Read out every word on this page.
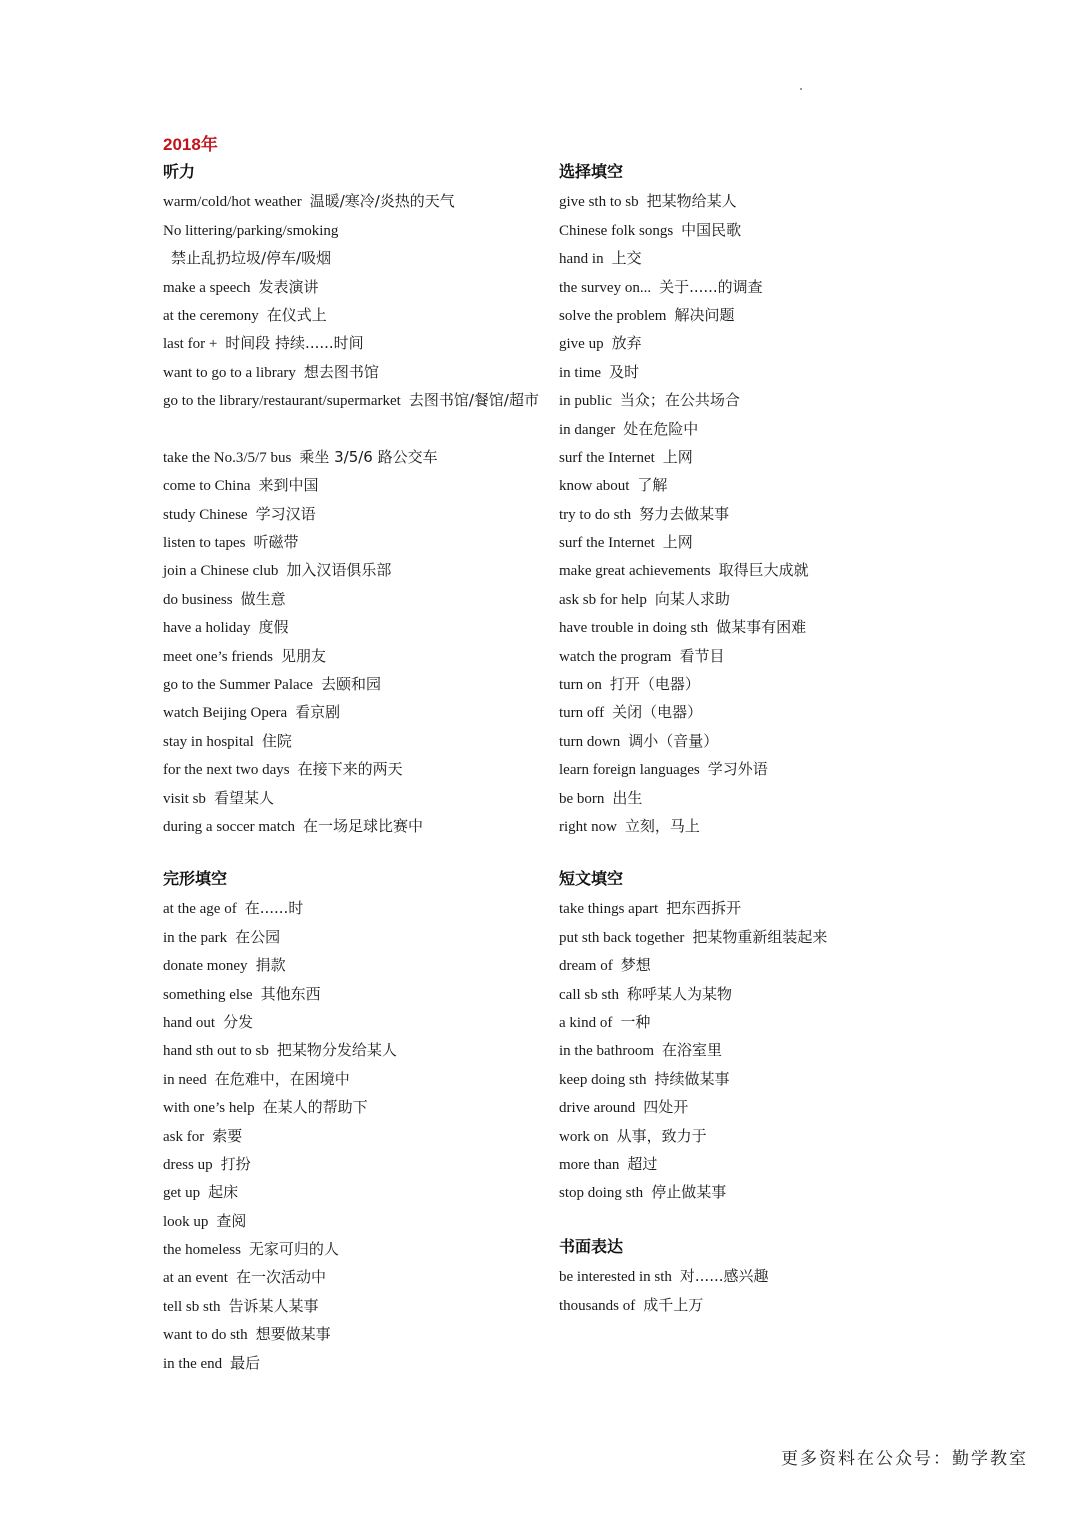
2018年
听力
warm/cold/hot weather 温暖/寒冷/炎热的天气
No littering/parking/smoking
禁止乱扔垃圾/停车/吸烟
make a speech 发表演讲
at the ceremony 在仪式上
last for + 时间段 持续......时间
want to go to a library 想去图书馆
go to the library/restaurant/supermarket 去图书馆/餐馆/超市
take the No.3/5/7 bus 乘坐 3/5/6 路公交车
come to China 来到中国
study Chinese 学习汉语
listen to tapes 听磁带
join a Chinese club 加入汉语俱乐部
do business 做生意
have a holiday 度假
meet one’s friends 见朋友
go to the Summer Palace 去颐和园
watch Beijing Opera 看京剧
stay in hospital 住院
for the next two days 在接下来的两天
visit sb 看望某人
during a soccer match 在一场足球比赛中
选择填空
give sth to sb 把某物给某人
Chinese folk songs 中国民歌
hand in 上交
the survey on... 关于......的调查
solve the problem 解决问题
give up 放弃
in time 及时
in public 当众；在公共场合
in danger 处在危险中
surf the Internet 上网
know about 了解
try to do sth 努力去做某事
surf the Internet 上网
make great achievements 取得巨大成就
ask sb for help 向某人求助
have trouble in doing sth 做某事有困难
watch the program 看节目
turn on 打开（电器）
turn off 关闭（电器）
turn down 调小（音量）
learn foreign languages 学习外语
be born 出生
right now 立刻，马上
完形填空
at the age of 在......时
in the park 在公园
donate money 捐款
something else 其他东西
hand out 分发
hand sth out to sb 把某物分发给某人
in need 在危难中，在困境中
with one’s help 在某人的帮助下
ask for 索要
dress up 打扮
get up 起床
look up 查阅
the homeless 无家可归的人
at an event 在一次活动中
tell sb sth 告诉某人某事
want to do sth 想要做某事
in the end 最后
短文填空
take things apart 把东西拆开
put sth back together 把某物重新组装起来
dream of 梦想
call sb sth 称呼某人为某物
a kind of 一种
in the bathroom 在浴室里
keep doing sth 持续做某事
drive around 四处开
work on 从事，致力于
more than 超过
stop doing sth 停止做某事
书面表达
be interested in sth 对......感兴趣
thousands of 成千上万
更多资料在公众号：勤学教室
